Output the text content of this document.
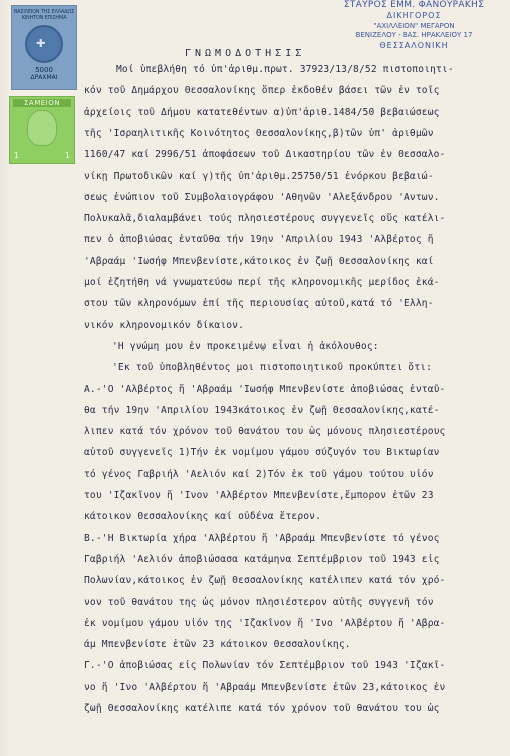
ΒΑΣΙΛΕΙΟΝ ΤΗΣ ΕΛΛΑΔΟΣ ΚΙΝΗΤΟΝ ΕΠΙΣΗΜΑ
✚
5000
ΔΡΑΧΜΑΙ
ΣΑΜΕΙΟΝ
1	1
ΣΤΑΥΡΟΣ ΕΜΜ. ΦΑΝΟΥΡΑΚΗΣ
ΔΙΚΗΓΟΡΟΣ
"ΑΧΙΛΛΕΙΟΝ" ΜΕΓΑΡΟΝ
ΒΕΝΙΖΕΛΟΥ - ΒΑΣ. ΗΡΑΚΛΕΙΟΥ 17
ΘΕΣΣΑΛΟΝΙΚΗ
ΓΝΩΜΟΔΟΤΗΣΙΣ
Μοί ὑπεβλήθη τό ὑπ'ἀριθμ.πρωτ. 37923/13/8/52 πιστοποιητι-
κόν τοῦ Δημάρχου Θεσσαλονίκης ὅπερ ἐκδοθέν βάσει τῶν ἐν τοῖς
ἀρχείοις τοῦ Δήμου κατατεθέντων α)ὑπ'ἀριθ.1484/50 βεβαιώσεως
τῆς 'Ισραηλιτικῆς Κοινότητος Θεσσαλονίκης,β)τῶν ὑπ' ἀριθμῶν
1160/47 καί 2996/51 ἀποφάσεων τοῦ Δικαστηρίου τῶν ἐν Θεσσαλο-
νίκῃ Πρωτοδικῶν καί γ)τῆς ὑπ'ἀριθμ.25750/51 ἐνόρκου βεβαιώ-
σεως ἐνώπιον τοῦ Συμβολαιογράφου 'Αθηνῶν 'Αλεξάνδρου 'Αντων.
Πολυκαλᾶ,διαλαμβάνει τούς πλησιεστέρους συγγενεῖς οὕς κατέλι-
πεν ὁ ἀποβιώσας ἐνταῦθα τήν 19ην 'Απριλίου 1943 'Αλβέρτος ἤ
'Αβραάμ 'Ιωσήφ Μπενβενίστε,κάτοικος ἐν ζωῇ Θεσσαλονίκης καί
μοί ἐζητήθη νά γνωματεύσω περί τῆς κληρονομικῆς μερίδος ἑκά-
στου τῶν κληρονόμων ἐπί τῆς περιουσίας αὐτοῦ,κατά τό 'Ελλη-
νικόν κληρονομικόν δίκαιον.
'Η γνώμη μου ἐν προκειμένῳ εἶναι ἡ ἀκόλουθος:
'Εκ τοῦ ὑποβληθέντος μοι πιστοποιητικοῦ προκύπτει ὅτι:
Α.-'Ο 'Αλβέρτος ἤ 'Αβραάμ 'Ιωσήφ Μπενβενίστε ἀποβιώσας ἐνταῦ-
θα τήν 19ην 'Απριλίου 1943κάτοικος ἐν ζωῇ Θεσσαλονίκης,κατέ-
λιπεν κατά τόν χρόνον τοῦ θανάτου του ὡς μόνους πλησιεστέρους
αὐτοῦ συγγενεῖς 1)Τήν ἐκ νομίμου γάμου σύζυγόν του Βικτωρίαν
τό γένος Γαβριήλ 'Αελιόν καί 2)Τόν ἐκ τοῦ γάμου τούτου υἱόν
του 'Ιζακῖνον ἤ 'Ινον 'Αλβέρτον Μπενβενίστε,ἔμπορον ἐτῶν 23
κάτοικον Θεσσαλονίκης καί οὐδένα ἕτερον.
Β.-'Η Βικτωρία χήρα 'Αλβέρτου ἤ 'Αβραάμ Μπενβενίστε τό γένος
Γαβριήλ 'Αελιόν ἀποβιώσασα κατάμηνα Σεπτέμβριον τοῦ 1943 εἰς
Πολωνίαν,κάτοικος ἐν ζωῇ Θεσσαλονίκης κατέλιπεν κατά τόν χρό-
νον τοῦ θανάτου της ὡς μόνον πλησιέστερον αὐτῆς συγγενῆ τόν
ἐκ νομίμου γάμου υἱόν της 'Ιζακῖνον ἤ 'Ινο 'Αλβέρτου ἤ 'Αβρα-
άμ Μπενβενίστε ἐτῶν 23 κάτοικον Θεσσαλονίκης.
Γ.-'Ο ἀποβιώσας εἰς Πολωνίαν τόν Σεπτέμβριον τοῦ 1943 'Ιζακῖ-
νο ἤ 'Ινο 'Αλβέρτου ἤ 'Αβραάμ Μπενβενίστε ἐτῶν 23,κάτοικος ἐν
ζωῇ Θεσσαλονίκης κατέλιπε κατά τόν χρόνον τοῦ θανάτου του ὡς
